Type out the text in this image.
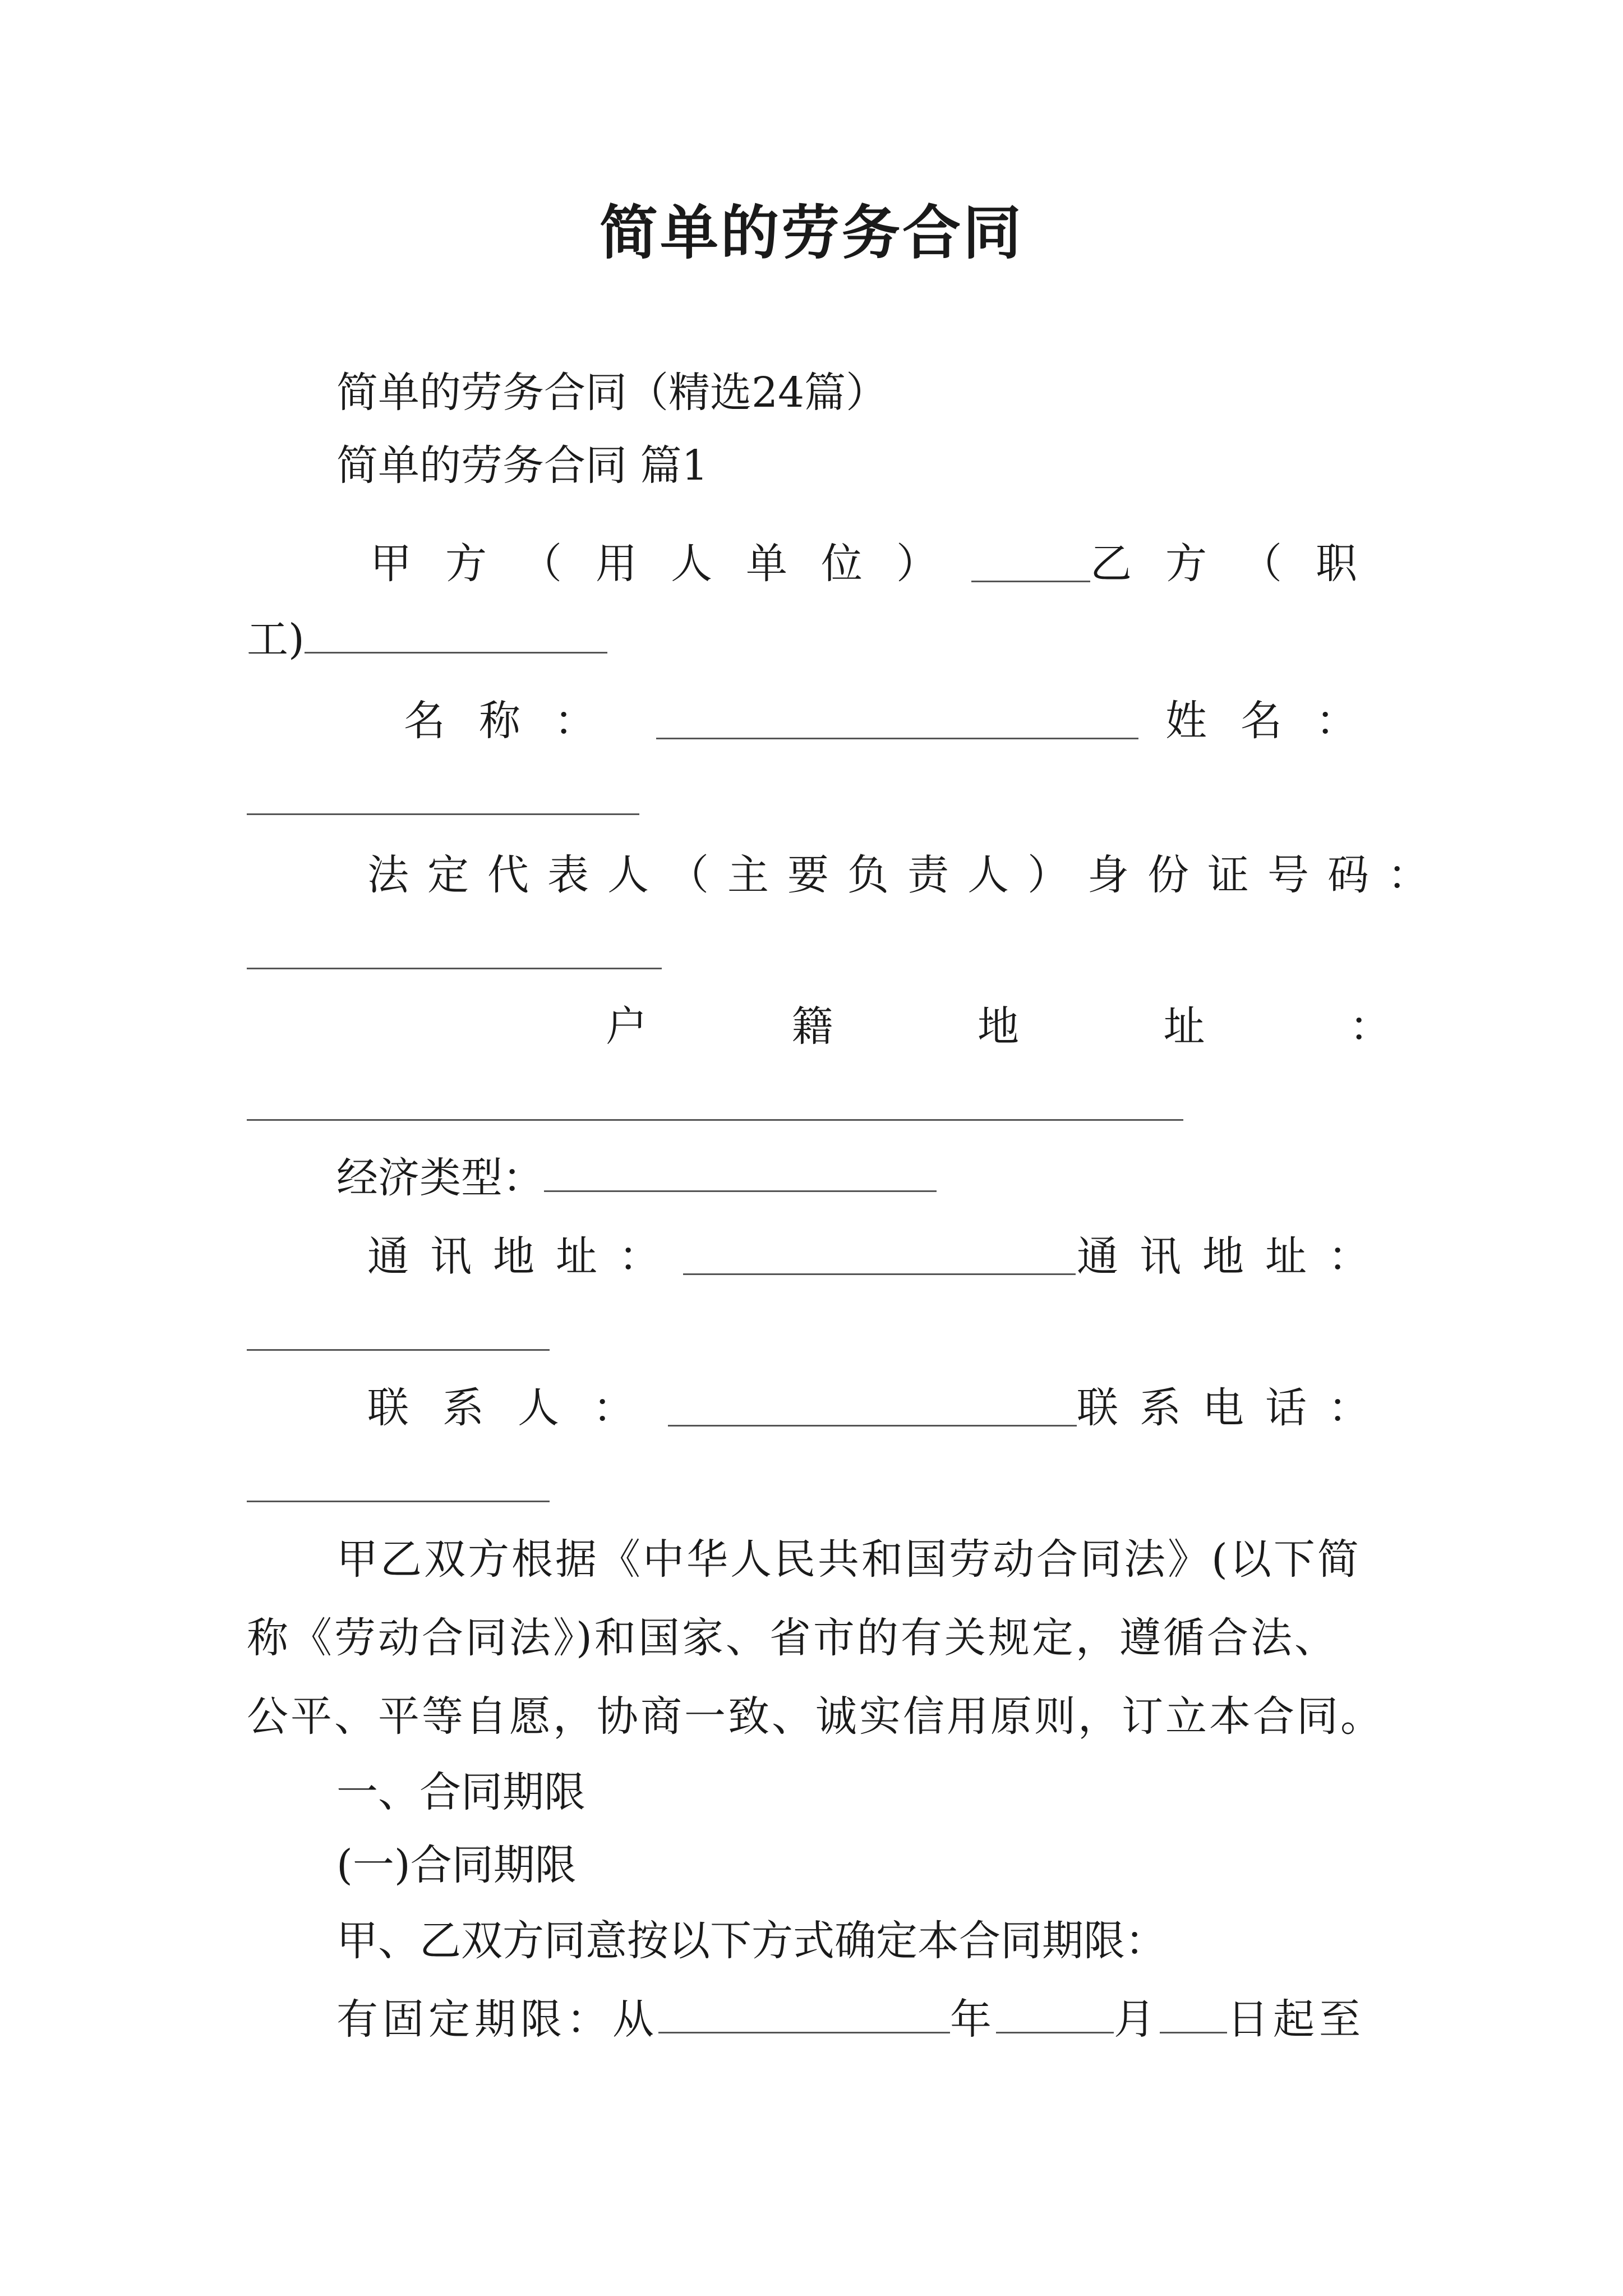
简单的劳务合同
简单的劳务合同（精选24篇）
简单的劳务合同 篇1
甲方（用人单位）	乙方（职
工)
名称：	姓名：
法定代表人（主要负责人）身份证号码：
户	籍	地	址	：
经济类型：
通讯地址：	通讯地址：
联系人：	联系电话：
甲乙双方根据《中华人民共和国劳动合同法》(以下简
称《劳动合同法》)和国家、省市的有关规定，遵循合法、
公平、平等自愿，协商一致、诚实信用原则，订立本合同。
一、合同期限
(一)合同期限
甲、乙双方同意按以下方式确定本合同期限：
有固定期限：从	年	月 日起至
